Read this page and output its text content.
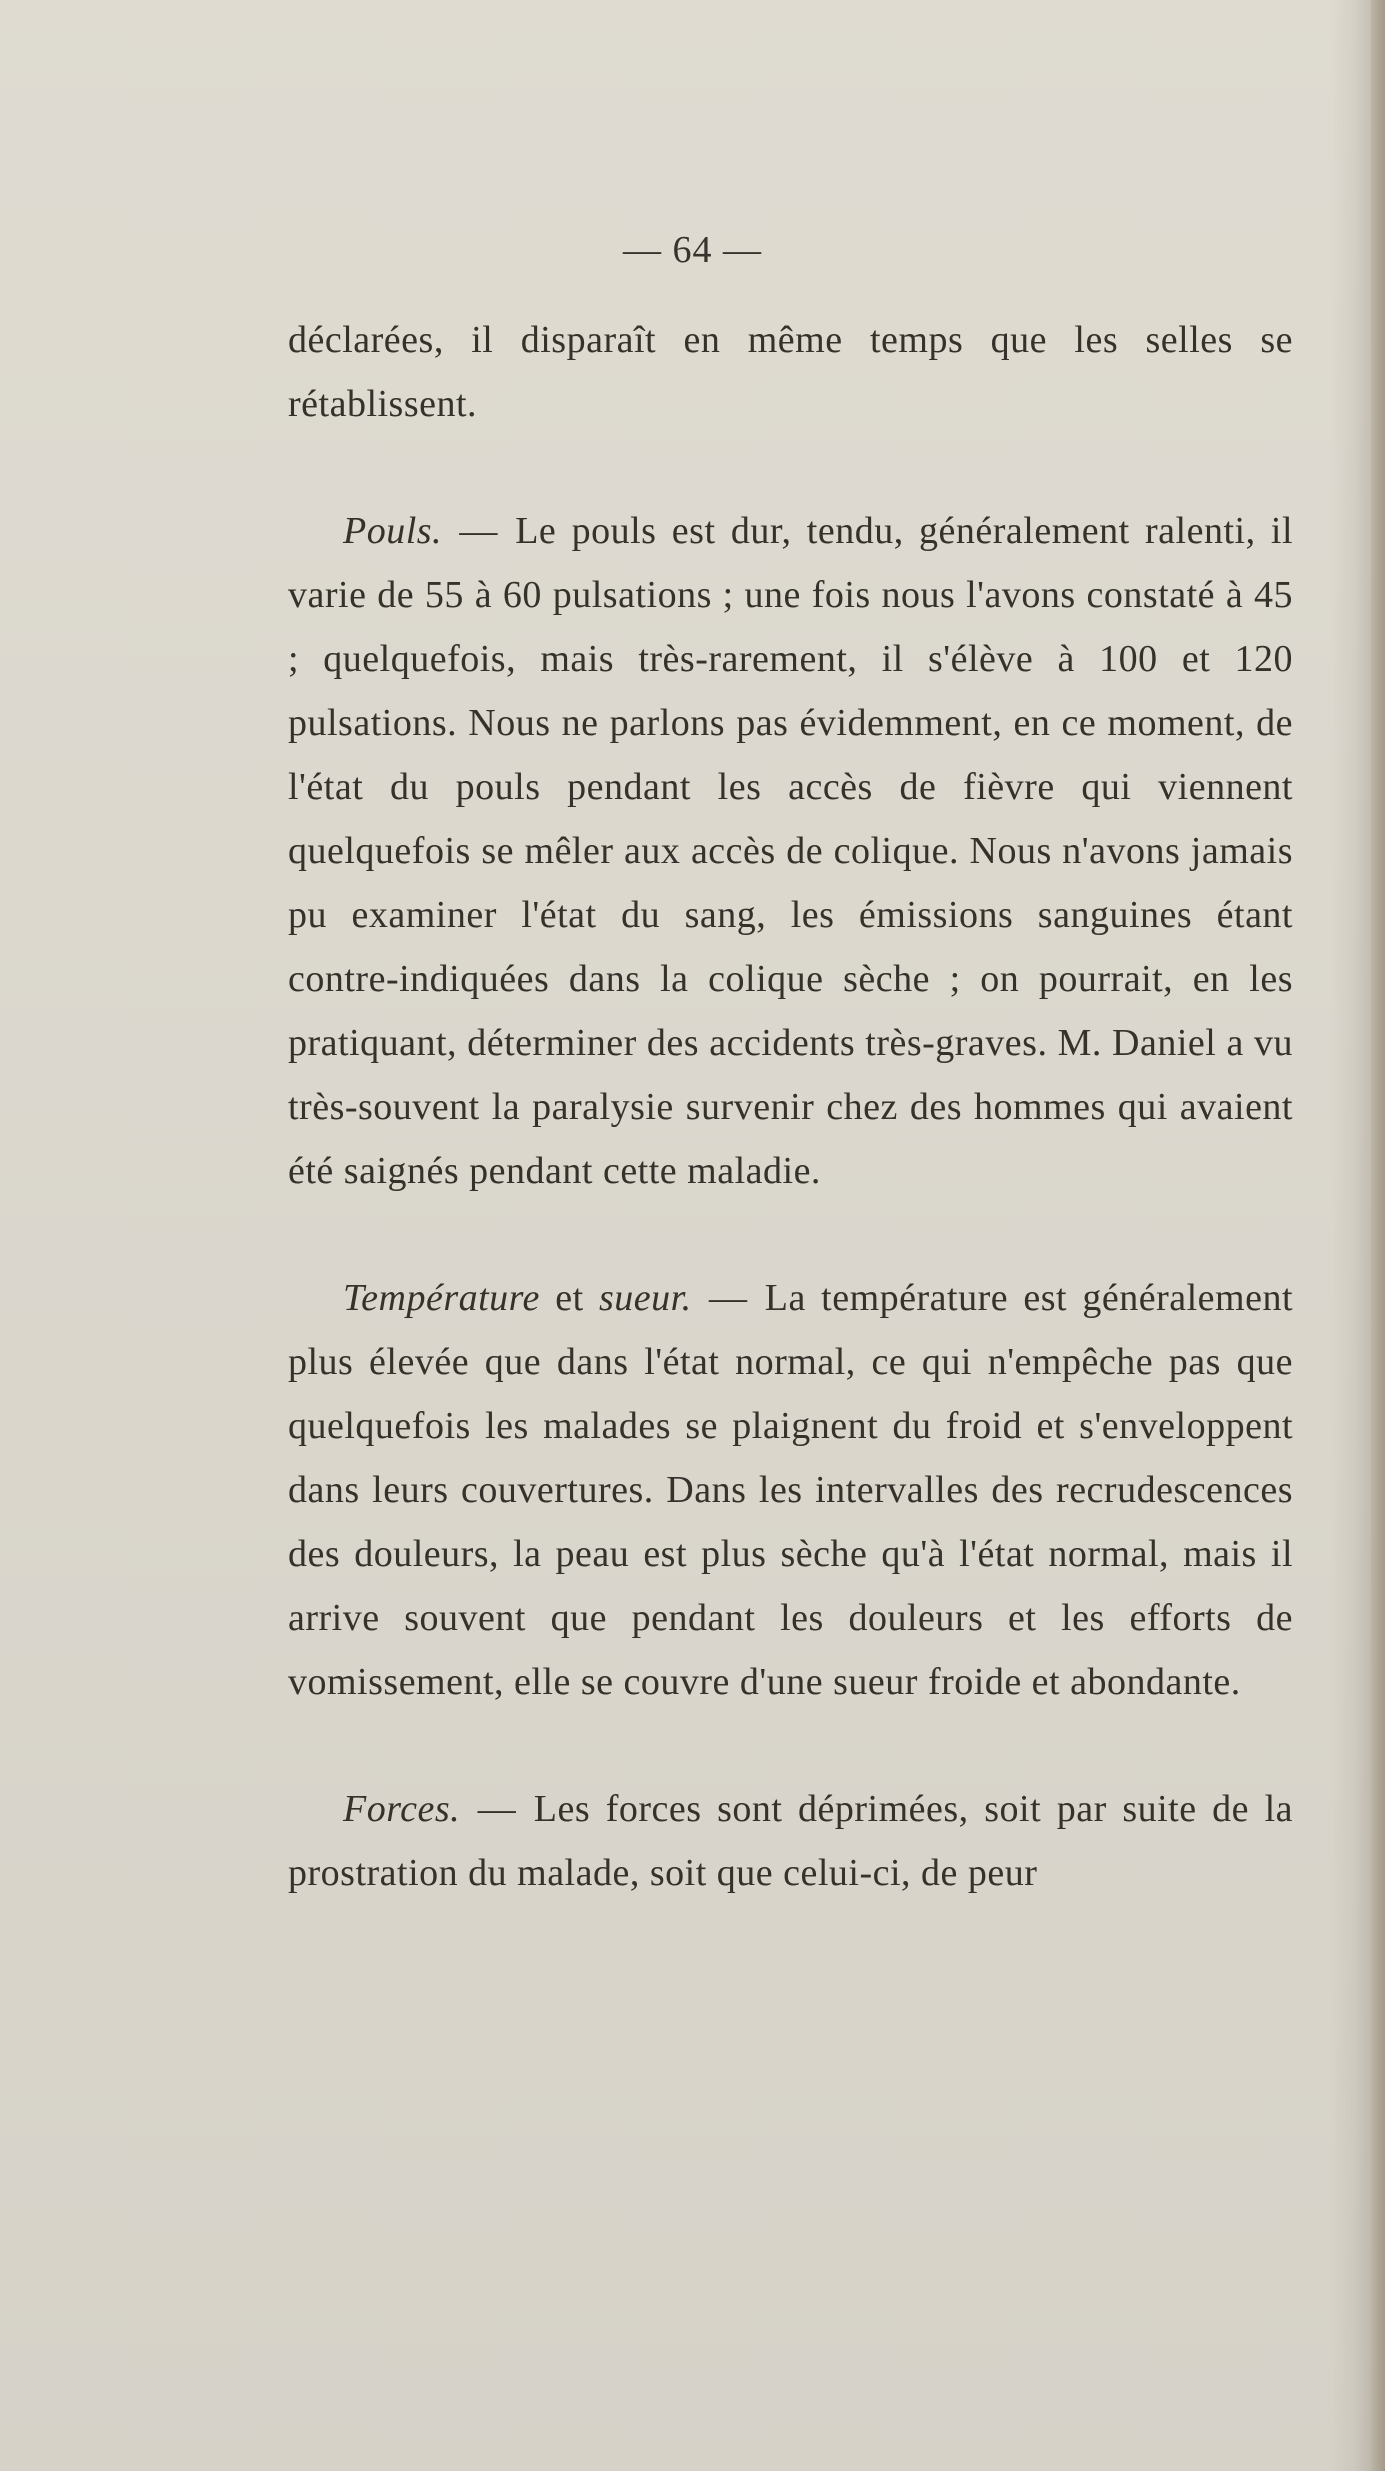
— 64 —

déclarées, il disparaît en même temps que les selles se rétablissent.

Pouls. — Le pouls est dur, tendu, généralement ralenti, il varie de 55 à 60 pulsations ; une fois nous l'avons constaté à 45 ; quelquefois, mais très-rarement, il s'élève à 100 et 120 pulsations. Nous ne parlons pas évidemment, en ce moment, de l'état du pouls pendant les accès de fièvre qui viennent quelquefois se mêler aux accès de colique. Nous n'avons jamais pu examiner l'état du sang, les émissions sanguines étant contre-indiquées dans la colique sèche ; on pourrait, en les pratiquant, déterminer des accidents très-graves. M. Daniel a vu très-souvent la paralysie survenir chez des hommes qui avaient été saignés pendant cette maladie.

Température et sueur. — La température est généralement plus élevée que dans l'état normal, ce qui n'empêche pas que quelquefois les malades se plaignent du froid et s'enveloppent dans leurs couvertures. Dans les intervalles des recrudescences des douleurs, la peau est plus sèche qu'à l'état normal, mais il arrive souvent que pendant les douleurs et les efforts de vomissement, elle se couvre d'une sueur froide et abondante.

Forces. — Les forces sont déprimées, soit par suite de la prostration du malade, soit que celui-ci, de peur
